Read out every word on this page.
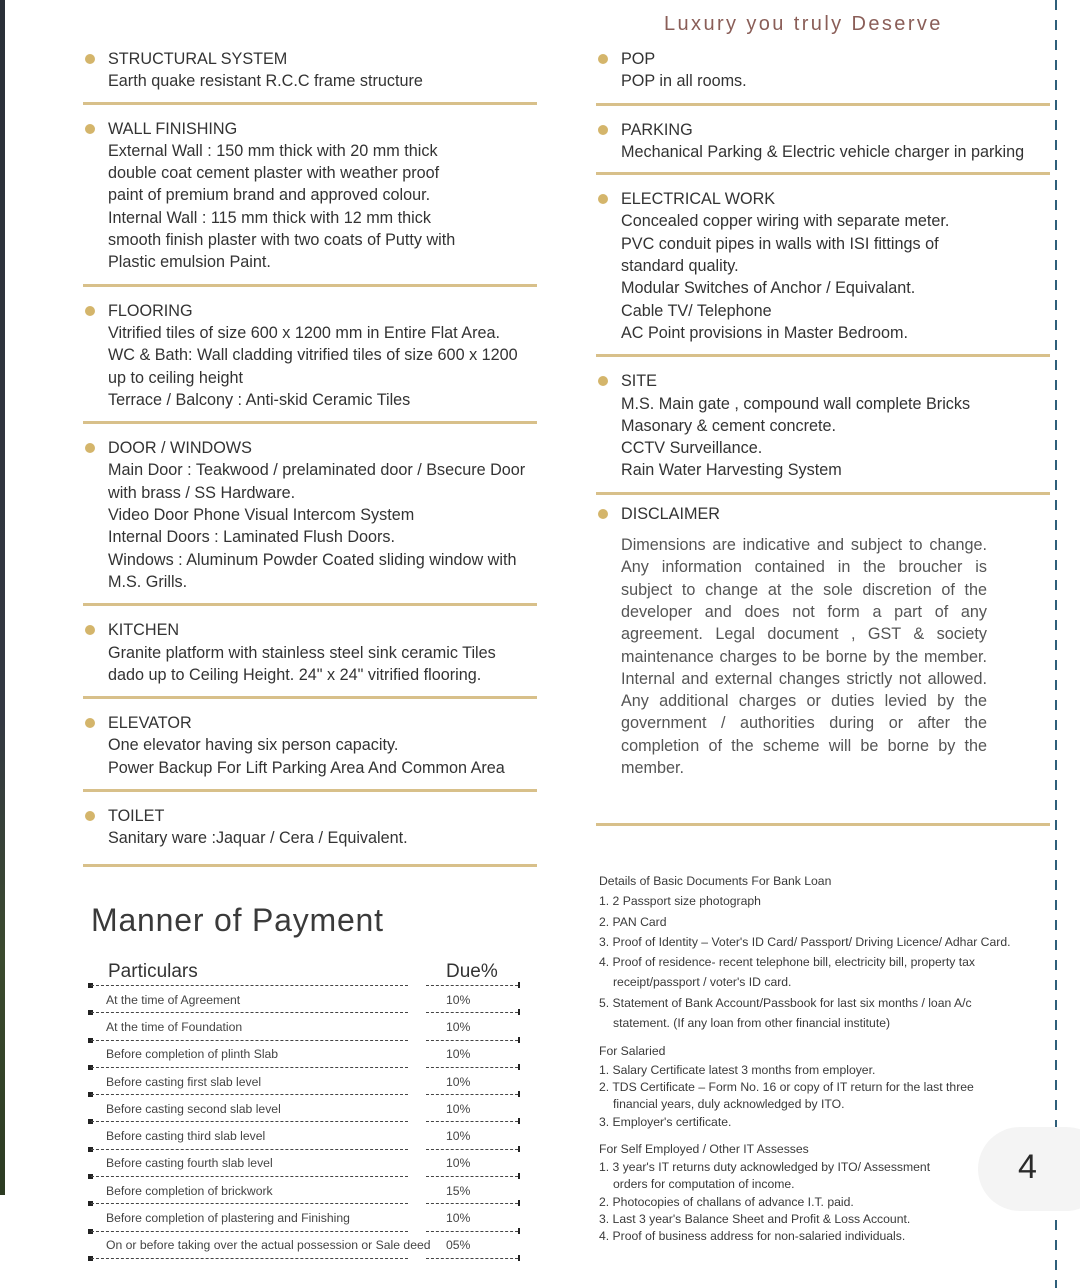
Luxury you truly Deserve
STRUCTURAL SYSTEM
Earth quake resistant R.C.C frame structure
WALL FINISHING
External Wall : 150 mm thick with 20 mm thick
double coat cement plaster with weather proof
paint of premium brand and approved colour.
Internal Wall : 115 mm thick with 12 mm thick
smooth finish plaster with two coats of Putty with
Plastic emulsion Paint.
FLOORING
Vitrified tiles of size 600 x 1200 mm in Entire Flat Area.
WC & Bath: Wall cladding vitrified tiles of size 600 x 1200
up to ceiling height
Terrace / Balcony : Anti-skid Ceramic Tiles
DOOR / WINDOWS
Main Door : Teakwood / prelaminated door / Bsecure Door
with brass / SS Hardware.
Video Door Phone Visual Intercom System
Internal Doors : Laminated Flush Doors.
Windows : Aluminum Powder Coated sliding window with
M.S. Grills.
KITCHEN
Granite platform with stainless steel sink ceramic Tiles
dado up to Ceiling Height. 24" x 24" vitrified flooring.
ELEVATOR
One elevator having six person capacity.
Power Backup For Lift Parking Area And Common Area
TOILET
Sanitary ware :Jaquar / Cera / Equivalent.
POP
POP in all rooms.
PARKING
Mechanical Parking & Electric vehicle charger in parking
ELECTRICAL WORK
Concealed copper wiring with separate meter.
PVC conduit pipes in walls with ISI fittings of
standard quality.
Modular Switches of Anchor / Equivalant.
Cable TV/ Telephone
AC Point provisions in Master Bedroom.
SITE
M.S. Main gate , compound wall complete Bricks
Masonary & cement concrete.
CCTV Surveillance.
Rain Water Harvesting System
DISCLAIMER
Dimensions are indicative and subject to change. Any information contained in the broucher is subject to change at the sole discretion of the developer and does not form a part of any agreement. Legal document , GST & society maintenance charges to be borne by the member. Internal and external changes strictly not allowed. Any additional charges or duties levied by the government / authorities during or after the completion of the scheme will be borne by the member.
Manner of Payment
Particulars	Due%
At the time of Agreement	10%
At the time of Foundation	10%
Before completion of plinth Slab	10%
Before casting first slab level	10%
Before casting second slab level	10%
Before casting third slab level	10%
Before casting fourth slab level	10%
Before completion of brickwork	15%
Before completion of plastering and Finishing	10%
On or before taking over the actual possession or Sale deed	05%
Details of Basic Documents For Bank Loan
1. 2 Passport size photograph
2. PAN Card
3. Proof of Identity – Voter's ID Card/ Passport/ Driving Licence/ Adhar Card.
4. Proof of residence- recent telephone bill, electricity bill, property tax
receipt/passport / voter's ID card.
5. Statement of Bank Account/Passbook for last six months / loan A/c
statement. (If any loan from other financial institute)
For Salaried
1. Salary Certificate latest 3 months from employer.
2. TDS Certificate – Form No. 16 or copy of IT return for the last three
financial years, duly acknowledged by ITO.
3. Employer's certificate.
For Self Employed / Other IT Assesses
1. 3 year's IT returns duty acknowledged by ITO/ Assessment
orders for computation of income.
2. Photocopies of challans of advance I.T. paid.
3. Last 3 year's Balance Sheet and Profit & Loss Account.
4. Proof of business address for non-salaried individuals.
4
